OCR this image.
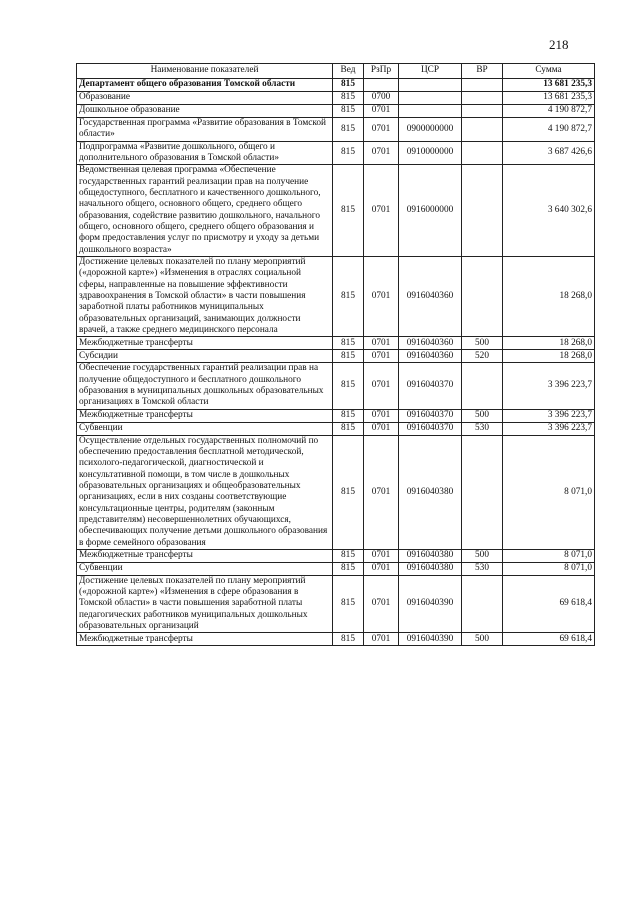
218
Наименование показателей	Вед	РзПр	ЦСР	ВР	Сумма
Департамент общего образования Томской области	815				13 681 235,3
Образование	815	0700			13 681 235,3
Дошкольное образование	815	0701			4 190 872,7
Государственная программа «Развитие образования в Томской области»	815	0701	0900000000		4 190 872,7
Подпрограмма «Развитие дошкольного, общего и дополнительного образования в Томской области»	815	0701	0910000000		3 687 426,6
Ведомственная целевая программа «Обеспечение государственных гарантий реализации прав на получение общедоступного, бесплатного и качественного дошкольного, начального общего, основного общего, среднего общего образования, содействие развитию дошкольного, начального общего, основного общего, среднего общего образования и форм предоставления услуг по присмотру и уходу за детьми дошкольного возраста»	815	0701	0916000000		3 640 302,6
Достижение целевых показателей по плану мероприятий («дорожной карте») «Изменения в отраслях социальной сферы, направленные на повышение эффективности здравоохранения в Томской области» в части повышения заработной платы работников муниципальных образовательных организаций, занимающих должности врачей, а также среднего медицинского персонала	815	0701	0916040360		18 268,0
Межбюджетные трансферты	815	0701	0916040360	500	18 268,0
Субсидии	815	0701	0916040360	520	18 268,0
Обеспечение государственных гарантий реализации прав на получение общедоступного и бесплатного дошкольного образования в муниципальных дошкольных образовательных организациях в Томской области	815	0701	0916040370		3 396 223,7
Межбюджетные трансферты	815	0701	0916040370	500	3 396 223,7
Субвенции	815	0701	0916040370	530	3 396 223,7
Осуществление отдельных государственных полномочий по обеспечению предоставления бесплатной методической, психолого-педагогической, диагностической и консультативной помощи, в том числе в дошкольных образовательных организациях и общеобразовательных организациях, если в них созданы соответствующие консультационные центры, родителям (законным представителям) несовершеннолетних обучающихся, обеспечивающих получение детьми дошкольного образования в форме семейного образования	815	0701	0916040380		8 071,0
Межбюджетные трансферты	815	0701	0916040380	500	8 071,0
Субвенции	815	0701	0916040380	530	8 071,0
Достижение целевых показателей по плану мероприятий («дорожной карте») «Изменения в сфере образования в Томской области» в части повышения заработной платы педагогических работников муниципальных дошкольных образовательных организаций	815	0701	0916040390		69 618,4
Межбюджетные трансферты	815	0701	0916040390	500	69 618,4
